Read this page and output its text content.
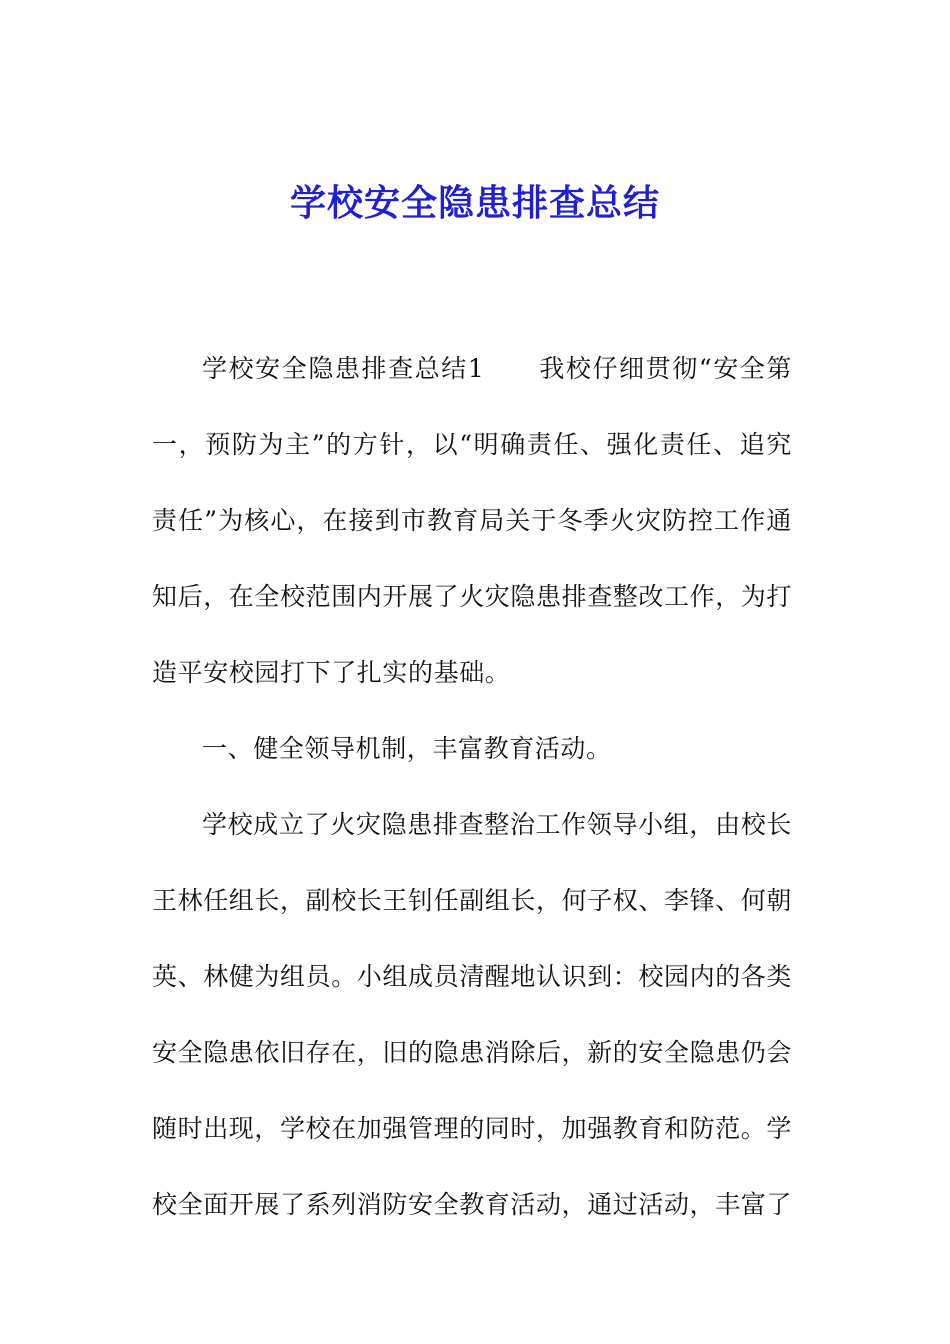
学校安全隐患排查总结

学校安全隐患排查总结1 我校仔细贯彻“安全第一，预防为主”的方针，以“明确责任、强化责任、追究责任”为核心，在接到市教育局关于冬季火灾防控工作通知后，在全校范围内开展了火灾隐患排查整改工作，为打造平安校园打下了扎实的基础。

一、健全领导机制，丰富教育活动。

学校成立了火灾隐患排查整治工作领导小组，由校长王林任组长，副校长王钊任副组长，何子权、李锋、何朝英、林健为组员。小组成员清醒地认识到：校园内的各类安全隐患依旧存在，旧的隐患消除后，新的安全隐患仍会随时出现，学校在加强管理的同时，加强教育和防范。学校全面开展了系列消防安全教育活动，通过活动，丰富了
